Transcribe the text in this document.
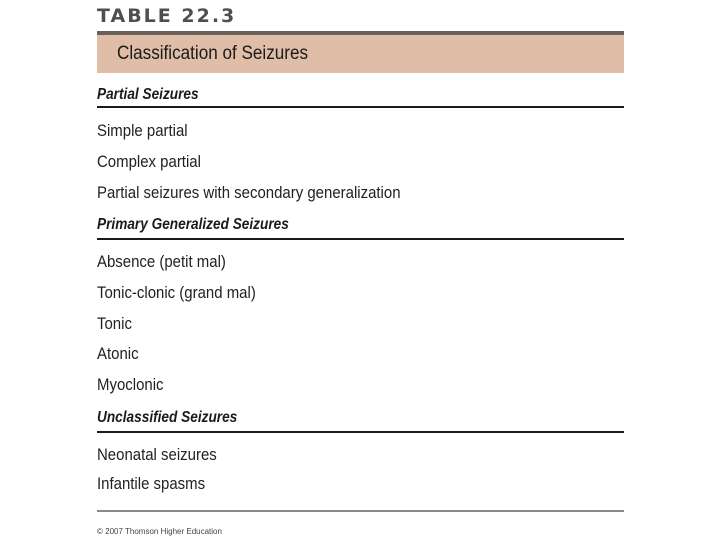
TABLE 22.3
Classification of Seizures
Partial Seizures
Simple partial
Complex partial
Partial seizures with secondary generalization
Primary Generalized Seizures
Absence (petit mal)
Tonic-clonic (grand mal)
Tonic
Atonic
Myoclonic
Unclassified Seizures
Neonatal seizures
Infantile spasms
© 2007 Thomson Higher Education
